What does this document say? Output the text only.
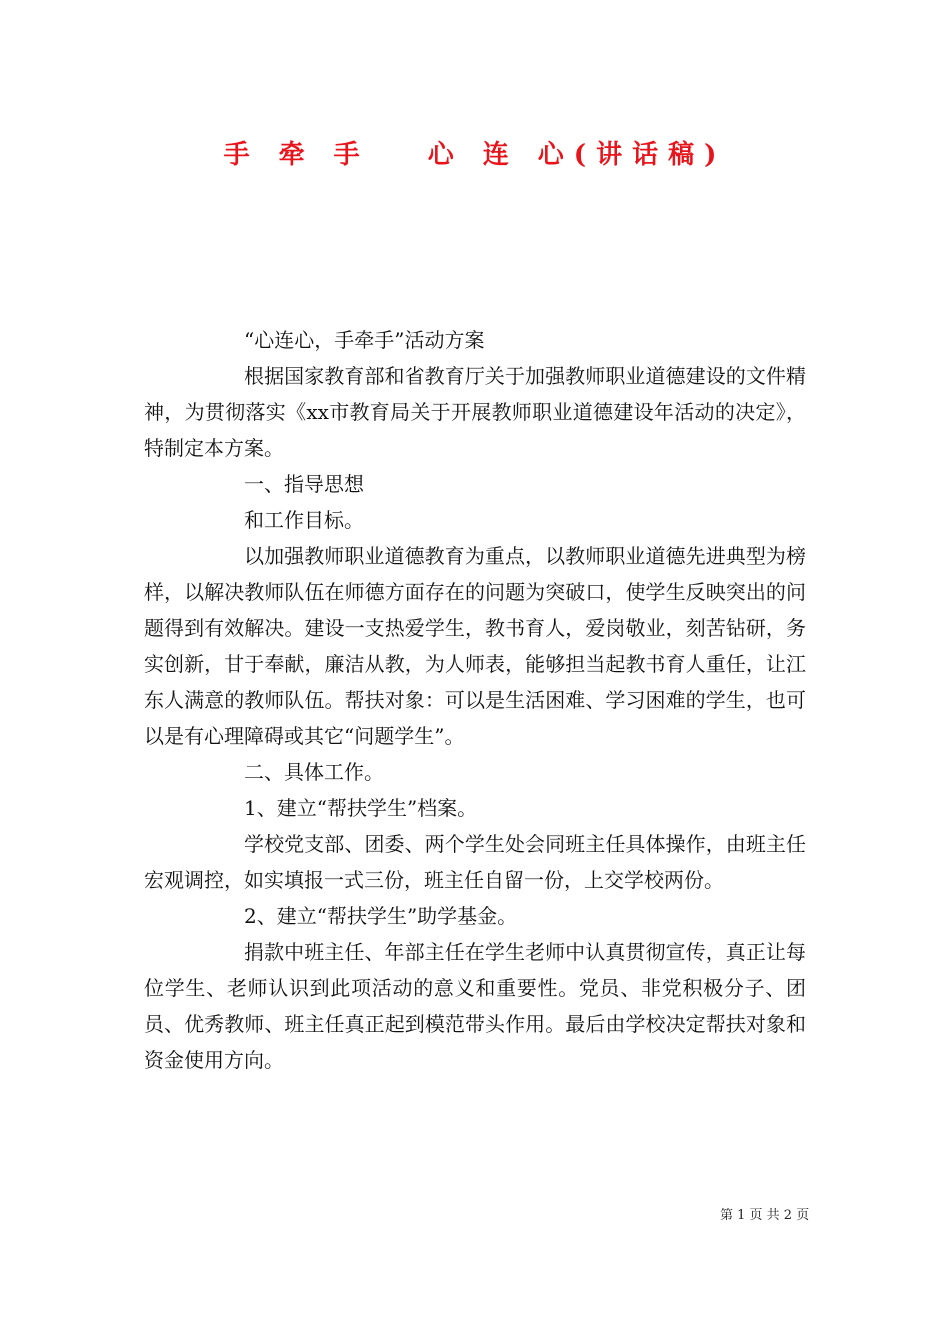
手 牵 手 心 连 心(讲话稿)

“心连心，手牵手”活动方案

根据国家教育部和省教育厅关于加强教师职业道德建设的文件精神，为贯彻落实《xx市教育局关于开展教师职业道德建设年活动的决定》，特制定本方案。

一、指导思想

和工作目标。

以加强教师职业道德教育为重点，以教师职业道德先进典型为榜样，以解决教师队伍在师德方面存在的问题为突破口，使学生反映突出的问题得到有效解决。建设一支热爱学生，教书育人，爱岗敬业，刻苦钻研，务实创新，甘于奉献，廉洁从教，为人师表，能够担当起教书育人重任，让江东人满意的教师队伍。帮扶对象：可以是生活困难、学习困难的学生，也可以是有心理障碍或其它“问题学生”。

二、具体工作。

1、建立“帮扶学生”档案。

学校党支部、团委、两个学生处会同班主任具体操作，由班主任宏观调控，如实填报一式三份，班主任自留一份，上交学校两份。

2、建立“帮扶学生”助学基金。

捐款中班主任、年部主任在学生老师中认真贯彻宣传，真正让每位学生、老师认识到此项活动的意义和重要性。党员、非党积极分子、团员、优秀教师、班主任真正起到模范带头作用。最后由学校决定帮扶对象和资金使用方向。

第 1 页 共 2 页
